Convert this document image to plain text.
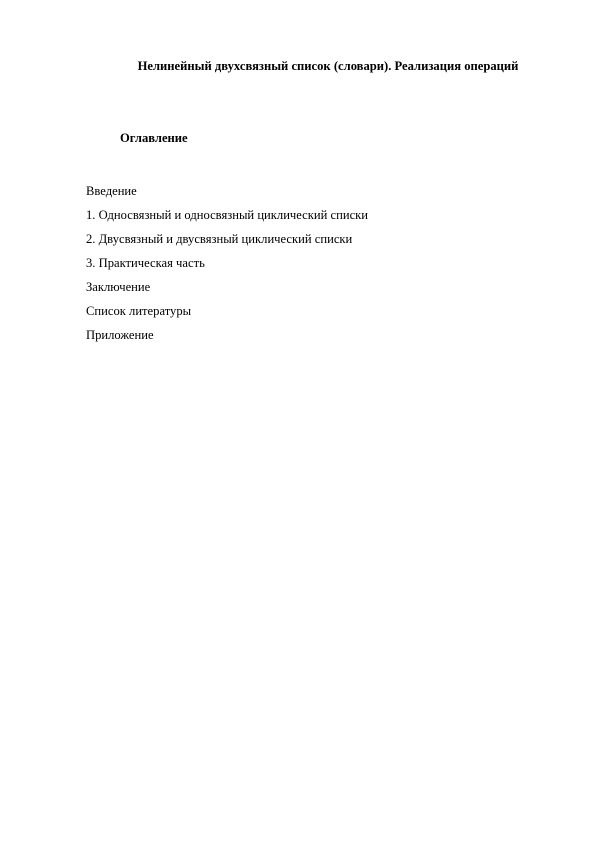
Нелинейный двухсвязный список (словари). Реализация операций
Оглавление
Введение
1. Односвязный и односвязный циклический списки
2. Двусвязный и двусвязный циклический списки
3. Практическая часть
Заключение
Список литературы
Приложение
